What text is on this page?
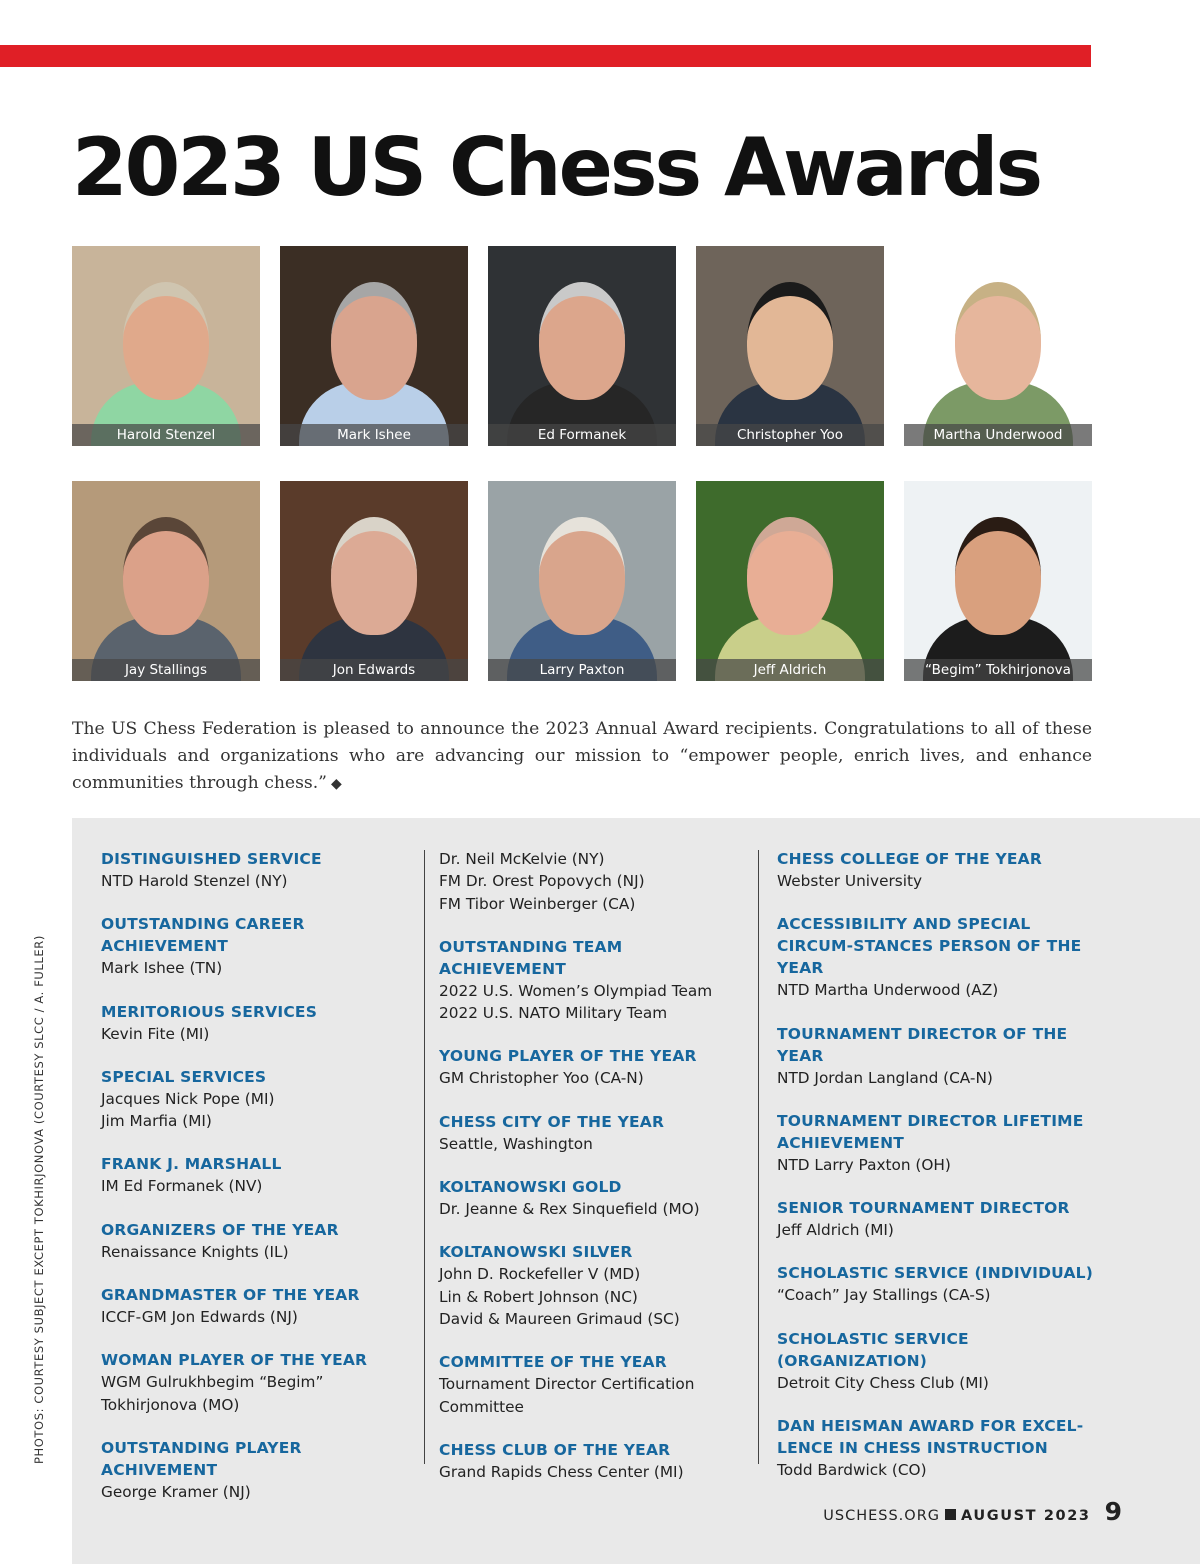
2023 US Chess Awards
Harold Stenzel	Mark Ishee	Ed Formanek	Christopher Yoo	Martha Underwood
Jay Stallings	Jon Edwards	Larry Paxton	Jeff Aldrich	“Begim” Tokhirjonova

The US Chess Federation is pleased to announce the 2023 Annual Award recipients. Congratulations to all of these individuals and organizations who are advancing our mission to “empower people, enrich lives, and enhance communities through chess.” ◆

DISTINGUISHED SERVICE
NTD Harold Stenzel (NY)
OUTSTANDING CAREER ACHIEVEMENT
Mark Ishee (TN)
MERITORIOUS SERVICES
Kevin Fite (MI)
SPECIAL SERVICES
Jacques Nick Pope (MI)
Jim Marfia (MI)
FRANK J. MARSHALL
IM Ed Formanek (NV)
ORGANIZERS OF THE YEAR
Renaissance Knights (IL)
GRANDMASTER OF THE YEAR
ICCF-GM Jon Edwards (NJ)
WOMAN PLAYER OF THE YEAR
WGM Gulrukhbegim “Begim” Tokhirjonova (MO)
OUTSTANDING PLAYER ACHIVEMENT
George Kramer (NJ)
Dr. Neil McKelvie (NY)
FM Dr. Orest Popovych (NJ)
FM Tibor Weinberger (CA)
OUTSTANDING TEAM ACHIEVEMENT
2022 U.S. Women’s Olympiad Team
2022 U.S. NATO Military Team
YOUNG PLAYER OF THE YEAR
GM Christopher Yoo (CA-N)
CHESS CITY OF THE YEAR
Seattle, Washington
KOLTANOWSKI GOLD
Dr. Jeanne & Rex Sinquefield (MO)
KOLTANOWSKI SILVER
John D. Rockefeller V (MD)
Lin & Robert Johnson (NC)
David & Maureen Grimaud (SC)
COMMITTEE OF THE YEAR
Tournament Director Certification Committee
CHESS CLUB OF THE YEAR
Grand Rapids Chess Center (MI)
CHESS COLLEGE OF THE YEAR
Webster University
ACCESSIBILITY AND SPECIAL CIRCUM-STANCES PERSON OF THE YEAR
NTD Martha Underwood (AZ)
TOURNAMENT DIRECTOR OF THE YEAR
NTD Jordan Langland (CA-N)
TOURNAMENT DIRECTOR LIFETIME ACHIEVEMENT
NTD Larry Paxton (OH)
SENIOR TOURNAMENT DIRECTOR
Jeff Aldrich (MI)
SCHOLASTIC SERVICE (INDIVIDUAL)
“Coach” Jay Stallings (CA-S)
SCHOLASTIC SERVICE (ORGANIZATION)
Detroit City Chess Club (MI)
DAN HEISMAN AWARD FOR EXCEL-LENCE IN CHESS INSTRUCTION
Todd Bardwick (CO)
PHOTOS: COURTESY SUBJECT EXCEPT TOKHIRJONOVA (COURTESY SLCC / A. FULLER)
USCHESS.ORG AUGUST 2023 9
